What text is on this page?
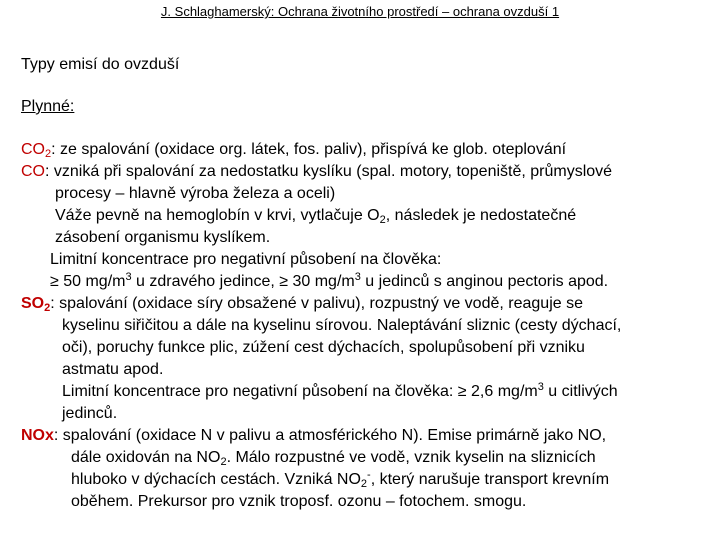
J. Schlaghamerský: Ochrana životního prostředí – ochrana ovzduší 1
Typy emisí do ovzduší
Plynné:
$CO_2$: ze spalování (oxidace org. látek, fos. paliv), přispívá ke glob. oteplování
CO: vzniká při spalování za nedostatku kyslíku (spal. motory, topeniště, průmyslové
procesy – hlavně výroba železa a oceli)
Váže pevně na hemoglobín v krvi, vytlačuje $O_2$, následek je nedostatečné
zásobení organismu kyslíkem.
Limitní koncentrace pro negativní působení na člověka:
≥ 50 $mg/m^3$ u zdravého jedince, ≥ 30 $mg/m^3$ u jedinců s anginou pectoris apod.
$SO_2$: spalování (oxidace síry obsažené v palivu), rozpustný ve vodě, reaguje se
kyselinu siřičitou a dále na kyselinu sírovou. Naleptávání sliznic (cesty dýchací,
oči), poruchy funkce plic, zúžení cest dýchacích, spolupůsobení při vzniku
astmatu apod.
Limitní koncentrace pro negativní působení na člověka: ≥ 2,6 $mg/m^3$ u citlivých
jedinců.
NOx: spalování (oxidace N v palivu a atmosférického N). Emise primárně jako NO,
dále oxidován na $NO_2$. Málo rozpustné ve vodě, vznik kyselin na sliznicích
hluboko v dýchacích cestách. Vzniká $NO_2^-$, který narušuje transport krevním
oběhem. Prekursor pro vznik troposf. ozonu – fotochem. smogu.
